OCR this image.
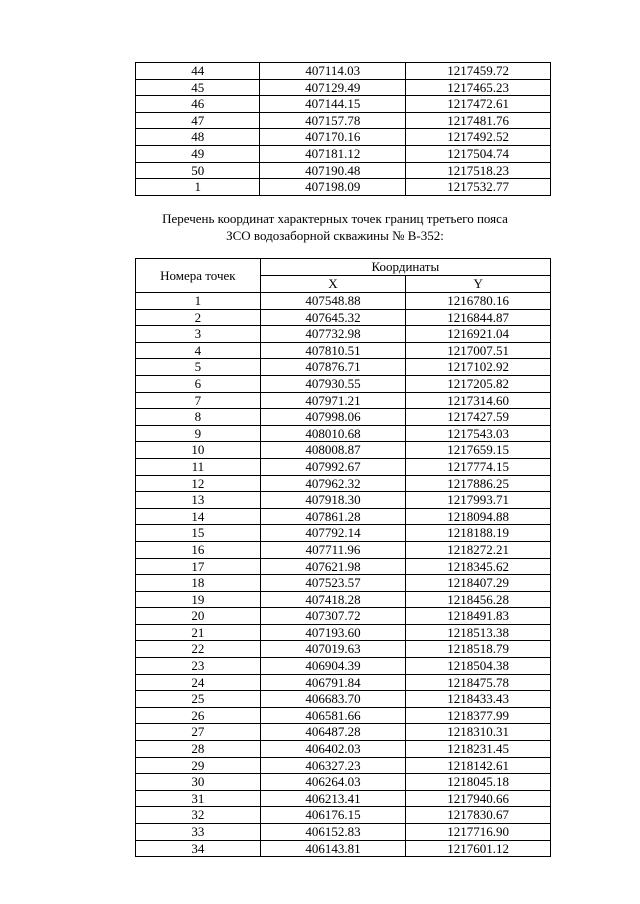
44	407114.03	1217459.72
45	407129.49	1217465.23
46	407144.15	1217472.61
47	407157.78	1217481.76
48	407170.16	1217492.52
49	407181.12	1217504.74
50	407190.48	1217518.23
1	407198.09	1217532.77
Перечень координат характерных точек границ третьего пояса
ЗСО водозаборной скважины № В-352:
Номера точек	Координаты	
	X	Y
1	407548.88	1216780.16
2	407645.32	1216844.87
3	407732.98	1216921.04
4	407810.51	1217007.51
5	407876.71	1217102.92
6	407930.55	1217205.82
7	407971.21	1217314.60
8	407998.06	1217427.59
9	408010.68	1217543.03
10	408008.87	1217659.15
11	407992.67	1217774.15
12	407962.32	1217886.25
13	407918.30	1217993.71
14	407861.28	1218094.88
15	407792.14	1218188.19
16	407711.96	1218272.21
17	407621.98	1218345.62
18	407523.57	1218407.29
19	407418.28	1218456.28
20	407307.72	1218491.83
21	407193.60	1218513.38
22	407019.63	1218518.79
23	406904.39	1218504.38
24	406791.84	1218475.78
25	406683.70	1218433.43
26	406581.66	1218377.99
27	406487.28	1218310.31
28	406402.03	1218231.45
29	406327.23	1218142.61
30	406264.03	1218045.18
31	406213.41	1217940.66
32	406176.15	1217830.67
33	406152.83	1217716.90
34	406143.81	1217601.12
